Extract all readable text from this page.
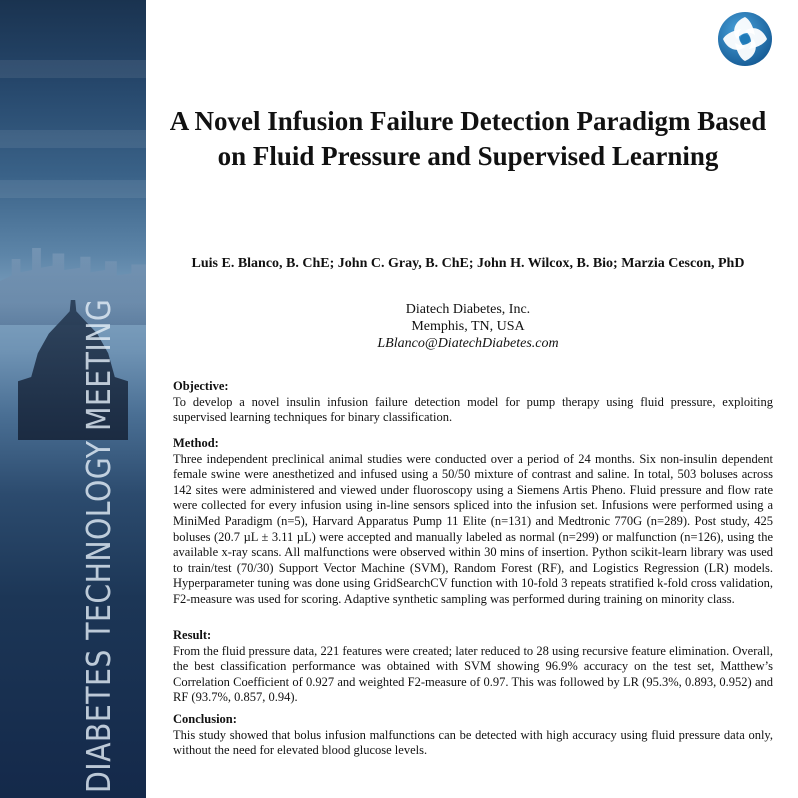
DIABETES TECHNOLOGY MEETING
A Novel Infusion Failure Detection Paradigm Based on Fluid Pressure and Supervised Learning
Luis E. Blanco, B. ChE; John C. Gray, B. ChE; John H. Wilcox, B. Bio; Marzia Cescon, PhD
Diatech Diabetes, Inc.
Memphis, TN, USA
LBlanco@DiatechDiabetes.com
Objective:

To develop a novel insulin infusion failure detection model for pump therapy using fluid pressure, exploiting supervised learning techniques for binary classification.

Method:

Three independent preclinical animal studies were conducted over a period of 24 months. Six non-insulin dependent female swine were anesthetized and infused using a 50/50 mixture of contrast and saline. In total, 503 boluses across 142 sites were administered and viewed under fluoroscopy using a Siemens Artis Pheno. Fluid pressure and flow rate were collected for every infusion using in-line sensors spliced into the infusion set. Infusions were performed using a MiniMed Paradigm (n=5), Harvard Apparatus Pump 11 Elite (n=131) and Medtronic 770G (n=289). Post study, 425 boluses (20.7 µL ± 3.11 µL) were accepted and manually labeled as normal (n=299) or malfunction (n=126), using the available x-ray scans. All malfunctions were observed within 30 mins of insertion. Python scikit-learn library was used to train/test (70/30) Support Vector Machine (SVM), Random Forest (RF), and Logistics Regression (LR) models. Hyperparameter tuning was done using GridSearchCV function with 10-fold 3 repeats stratified k-fold cross validation, F2-measure was used for scoring. Adaptive synthetic sampling was performed during training on minority class.

Result:

From the fluid pressure data, 221 features were created; later reduced to 28 using recursive feature elimination. Overall, the best classification performance was obtained with SVM showing 96.9% accuracy on the test set, Matthew’s Correlation Coefficient of 0.927 and weighted F2-measure of 0.97. This was followed by LR (95.3%, 0.893, 0.952) and RF (93.7%, 0.857, 0.94).

Conclusion:

This study showed that bolus infusion malfunctions can be detected with high accuracy using fluid pressure data only, without the need for elevated blood glucose levels.
